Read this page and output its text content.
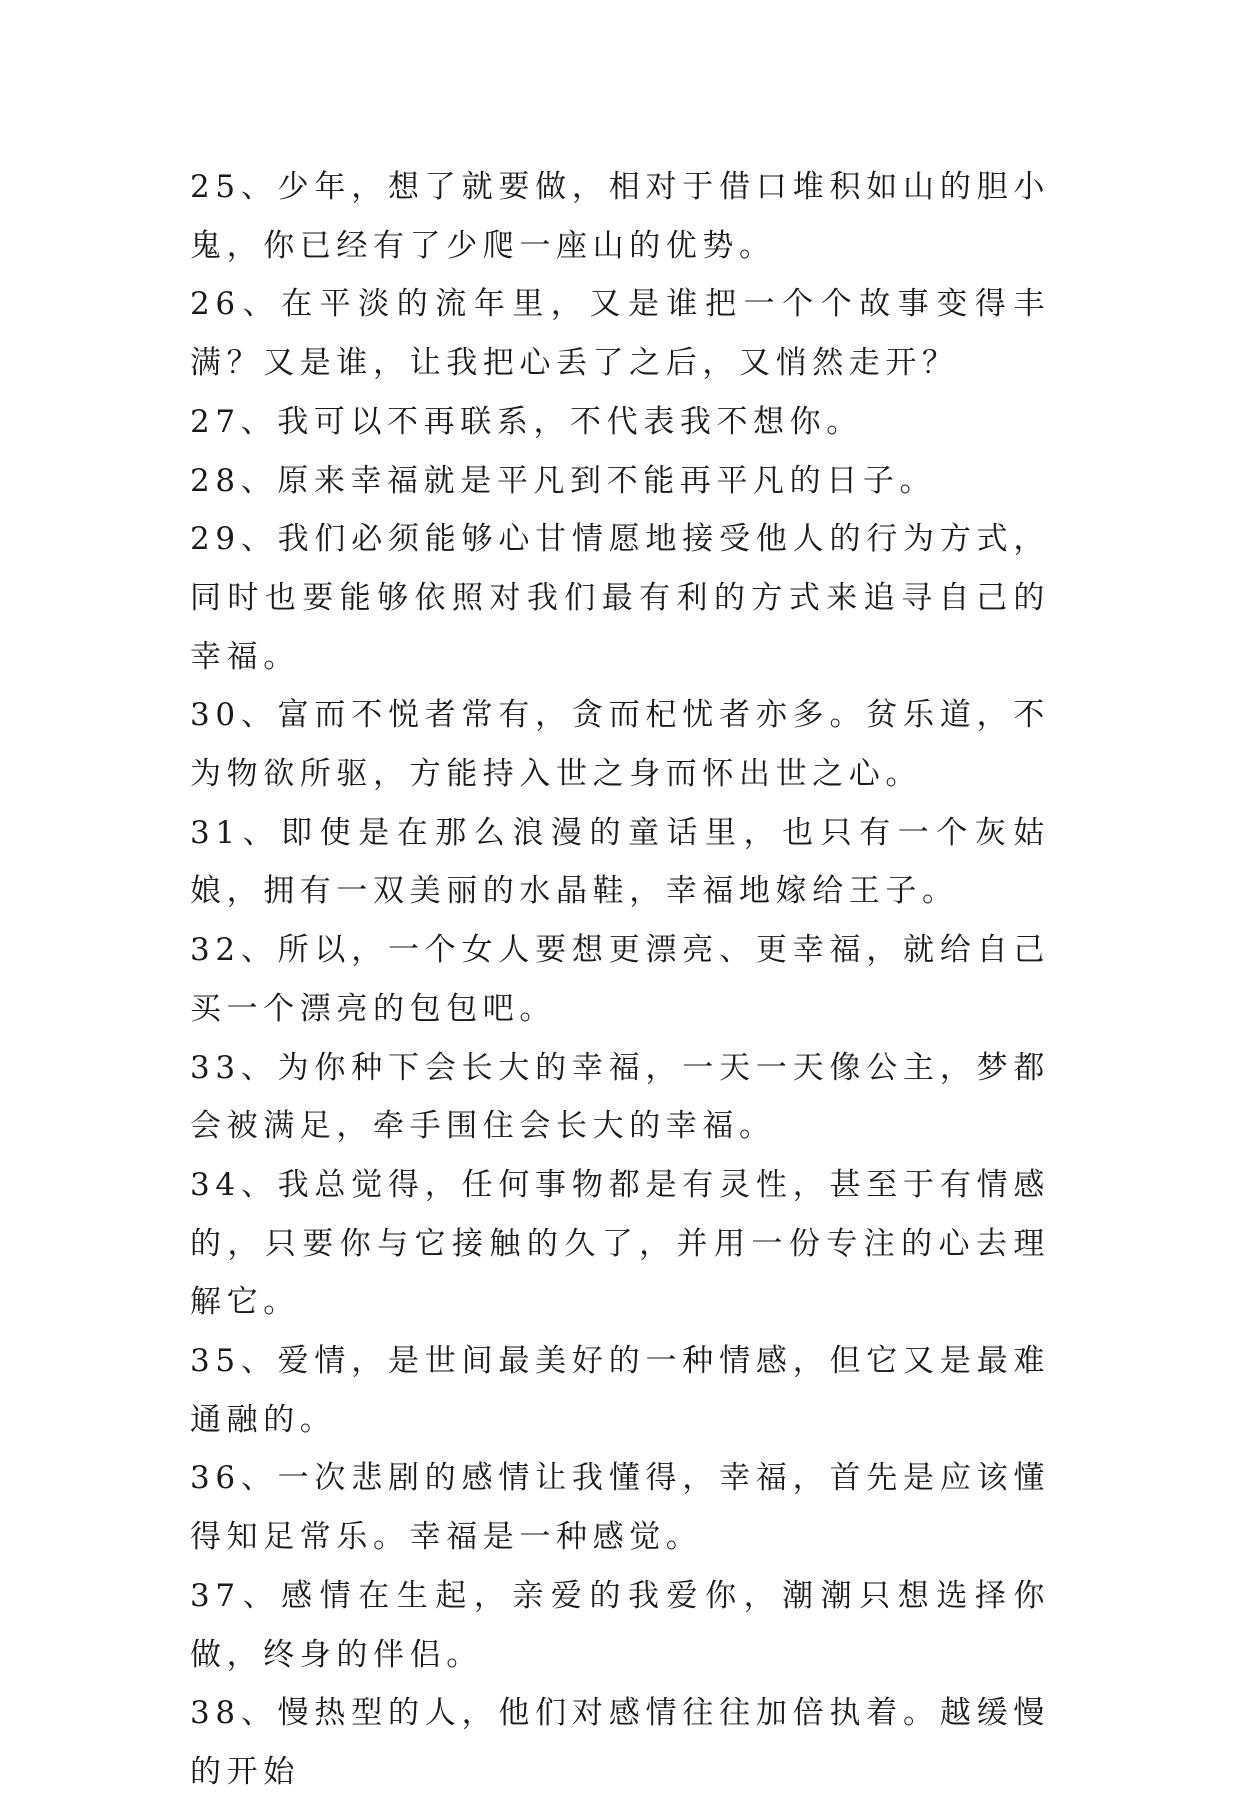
25、少年，想了就要做，相对于借口堆积如山的胆小鬼，你已经有了少爬一座山的优势。

26、在平淡的流年里，又是谁把一个个故事变得丰满？又是谁，让我把心丢了之后，又悄然走开？

27、我可以不再联系，不代表我不想你。

28、原来幸福就是平凡到不能再平凡的日子。

29、我们必须能够心甘情愿地接受他人的行为方式，同时也要能够依照对我们最有利的方式来追寻自己的幸福。

30、富而不悦者常有，贪而杞忧者亦多。贫乐道，不为物欲所驱，方能持入世之身而怀出世之心。

31、即使是在那么浪漫的童话里，也只有一个灰姑娘，拥有一双美丽的水晶鞋，幸福地嫁给王子。

32、所以，一个女人要想更漂亮、更幸福，就给自己买一个漂亮的包包吧。

33、为你种下会长大的幸福，一天一天像公主，梦都会被满足，牵手围住会长大的幸福。

34、我总觉得，任何事物都是有灵性，甚至于有情感的，只要你与它接触的久了，并用一份专注的心去理解它。

35、爱情，是世间最美好的一种情感，但它又是最难通融的。

36、一次悲剧的感情让我懂得，幸福，首先是应该懂得知足常乐。幸福是一种感觉。

37、感情在生起，亲爱的我爱你，潮潮只想选择你做，终身的伴侣。

38、慢热型的人，他们对感情往往加倍执着。越缓慢的开始
